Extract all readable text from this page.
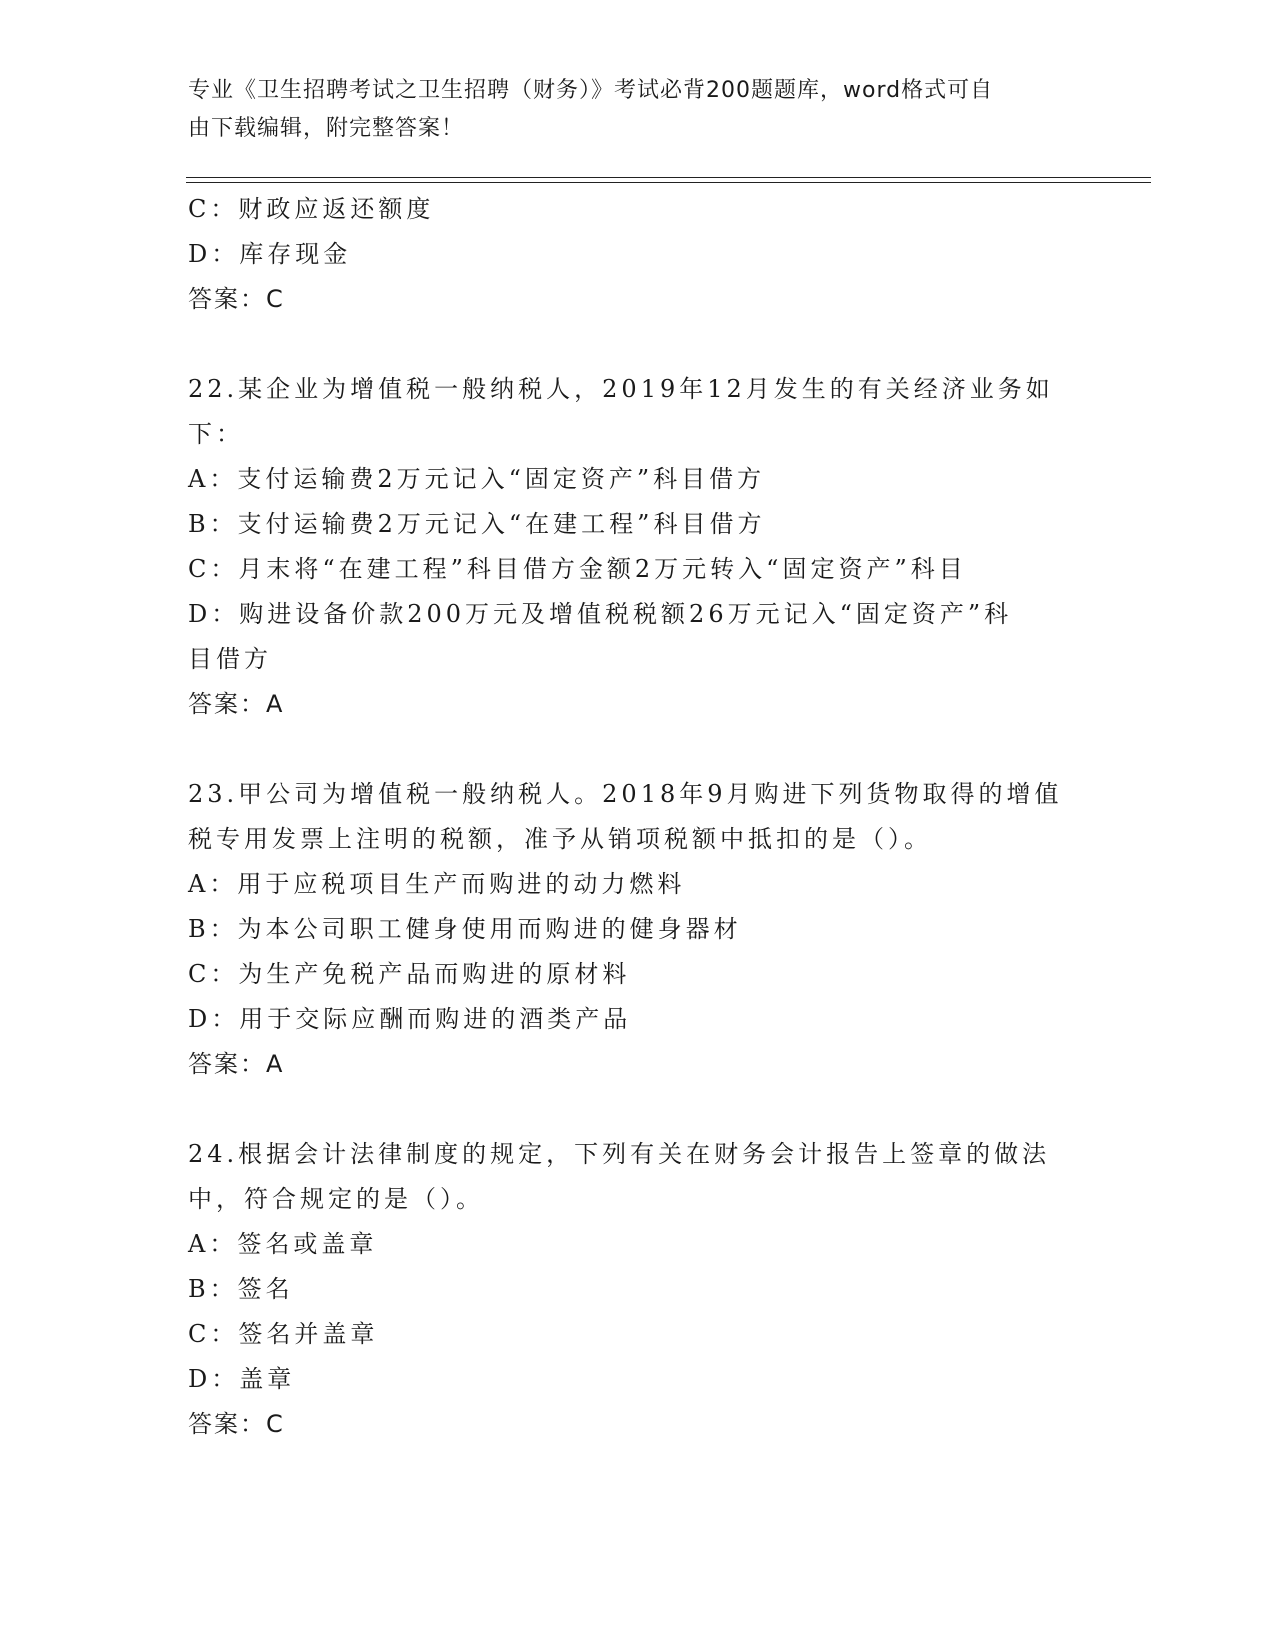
专业《卫生招聘考试之卫生招聘（财务）》考试必背200题题库，word格式可自
由下载编辑，附完整答案！
C：财政应返还额度
D：库存现金
答案：C
22.某企业为增值税一般纳税人，2019年12月发生的有关经济业务如
下：
A：支付运输费2万元记入“固定资产”科目借方
B：支付运输费2万元记入“在建工程”科目借方
C：月末将“在建工程”科目借方金额2万元转入“固定资产”科目
D：购进设备价款200万元及增值税税额26万元记入“固定资产”科
目借方
答案：A
23.甲公司为增值税一般纳税人。2018年9月购进下列货物取得的增值
税专用发票上注明的税额，准予从销项税额中抵扣的是（）。
A：用于应税项目生产而购进的动力燃料
B：为本公司职工健身使用而购进的健身器材
C：为生产免税产品而购进的原材料
D：用于交际应酬而购进的酒类产品
答案：A
24.根据会计法律制度的规定，下列有关在财务会计报告上签章的做法
中，符合规定的是（）。
A：签名或盖章
B：签名
C：签名并盖章
D：盖章
答案：C
